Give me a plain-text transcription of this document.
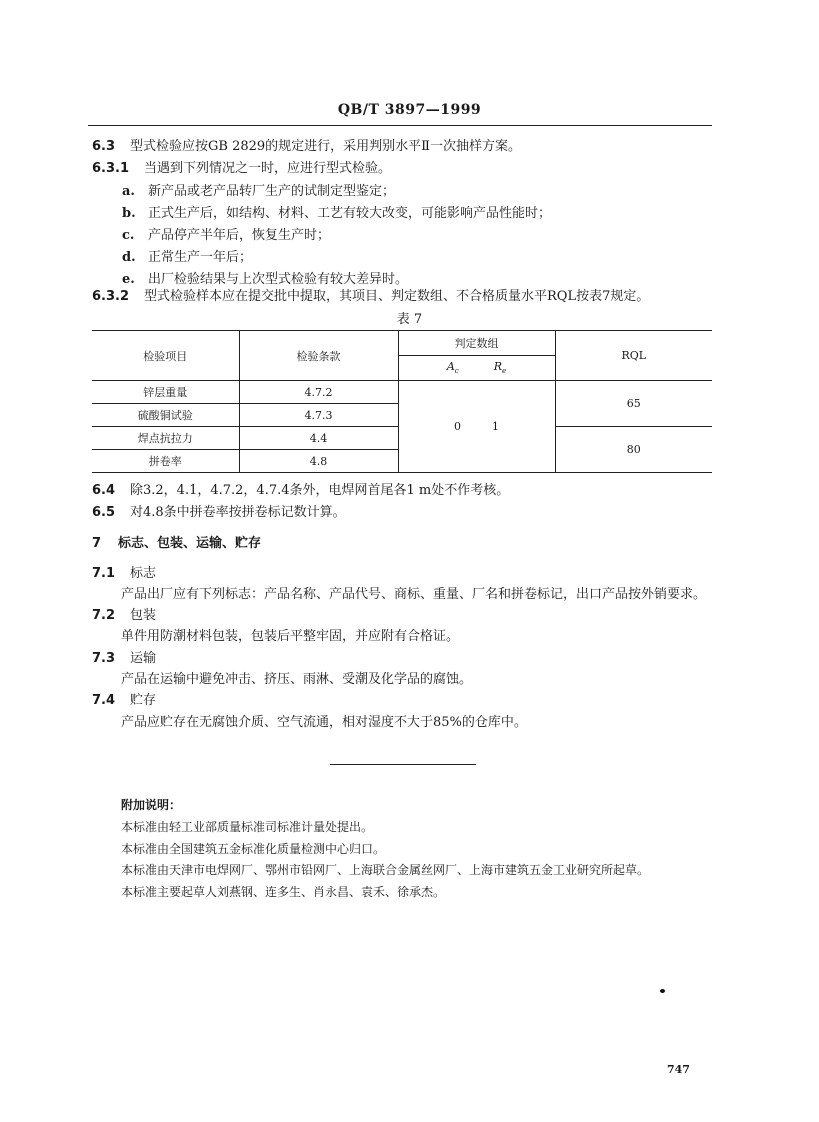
QB/T 3897—1999
6.3 型式检验应按GB 2829的规定进行，采用判别水平Ⅱ一次抽样方案。
6.3.1 当遇到下列情况之一时，应进行型式检验。
a. 新产品或老产品转厂生产的试制定型鉴定；
b. 正式生产后，如结构、材料、工艺有较大改变，可能影响产品性能时；
c. 产品停产半年后，恢复生产时；
d. 正常生产一年后；
e. 出厂检验结果与上次型式检验有较大差异时。
6.3.2 型式检验样本应在提交批中提取，其项目、判定数组、不合格质量水平RQL按表7规定。
表 7
检验项目	检验条款	判定数组	RQL
		$A_c$ $R_e$
锌层重量	4.7.2	0 1	65
硫酸铜试验	4.7.3		
焊点抗拉力	4.4		80
拼卷率	4.8		
6.4 除3.2，4.1，4.7.2，4.7.4条外，电焊网首尾各1 m处不作考核。
6.5 对4.8条中拼卷率按拼卷标记数计算。
7 标志、包装、运输、贮存
7.1 标志
产品出厂应有下列标志：产品名称、产品代号、商标、重量、厂名和拼卷标记，出口产品按外销要求。
7.2 包装
单件用防潮材料包装，包装后平整牢固，并应附有合格证。
7.3 运输
产品在运输中避免冲击、挤压、雨淋、受潮及化学品的腐蚀。
7.4 贮存
产品应贮存在无腐蚀介质、空气流通，相对湿度不大于85%的仓库中。
附加说明：
本标准由轻工业部质量标准司标准计量处提出。
本标准由全国建筑五金标准化质量检测中心归口。
本标准由天津市电焊网厂、鄂州市铅网厂、上海联合金属丝网厂、上海市建筑五金工业研究所起草。
本标准主要起草人刘燕钢、连多生、肖永昌、袁禾、徐承杰。
747
